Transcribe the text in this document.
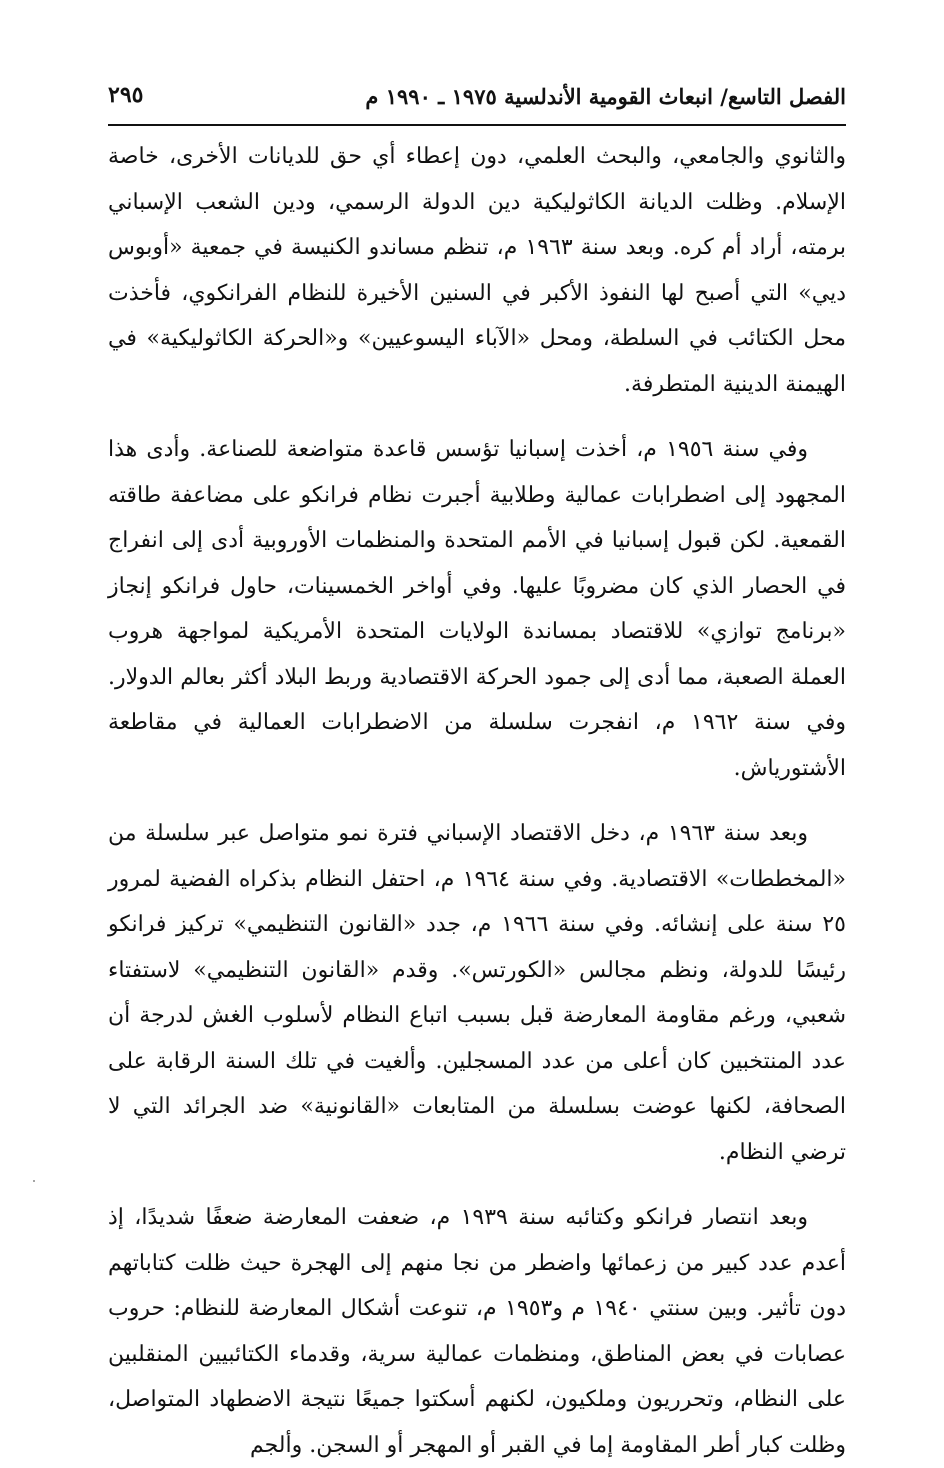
الفصل التاسع/ انبعاث القومية الأندلسية ١٩٧٥ ـ ١٩٩٠ م
٢٩٥

والثانوي والجامعي، والبحث العلمي، دون إعطاء أي حق للديانات الأخرى، خاصة الإسلام. وظلت الديانة الكاثوليكية دين الدولة الرسمي، ودين الشعب الإسباني برمته، أراد أم كره. وبعد سنة ١٩٦٣ م، تنظم مساندو الكنيسة في جمعية «أوبوس ديي» التي أصبح لها النفوذ الأكبر في السنين الأخيرة للنظام الفرانكوي، فأخذت محل الكتائب في السلطة، ومحل «الآباء اليسوعيين» و«الحركة الكاثوليكية» في الهيمنة الدينية المتطرفة.

وفي سنة ١٩٥٦ م، أخذت إسبانيا تؤسس قاعدة متواضعة للصناعة. وأدى هذا المجهود إلى اضطرابات عمالية وطلابية أجبرت نظام فرانكو على مضاعفة طاقته القمعية. لكن قبول إسبانيا في الأمم المتحدة والمنظمات الأوروبية أدى إلى انفراج في الحصار الذي كان مضروبًا عليها. وفي أواخر الخمسينات، حاول فرانكو إنجاز «برنامج توازي» للاقتصاد بمساندة الولايات المتحدة الأمريكية لمواجهة هروب العملة الصعبة، مما أدى إلى جمود الحركة الاقتصادية وربط البلاد أكثر بعالم الدولار. وفي سنة ١٩٦٢ م، انفجرت سلسلة من الاضطرابات العمالية في مقاطعة الأشتورياش.

وبعد سنة ١٩٦٣ م، دخل الاقتصاد الإسباني فترة نمو متواصل عبر سلسلة من «المخططات» الاقتصادية. وفي سنة ١٩٦٤ م، احتفل النظام بذكراه الفضية لمرور ٢٥ سنة على إنشائه. وفي سنة ١٩٦٦ م، جدد «القانون التنظيمي» تركيز فرانكو رئيسًا للدولة، ونظم مجالس «الكورتس». وقدم «القانون التنظيمي» لاستفتاء شعبي، ورغم مقاومة المعارضة قبل بسبب اتباع النظام لأسلوب الغش لدرجة أن عدد المنتخبين كان أعلى من عدد المسجلين. وألغيت في تلك السنة الرقابة على الصحافة، لكنها عوضت بسلسلة من المتابعات «القانونية» ضد الجرائد التي لا ترضي النظام.

وبعد انتصار فرانكو وكتائبه سنة ١٩٣٩ م، ضعفت المعارضة ضعفًا شديدًا، إذ أعدم عدد كبير من زعمائها واضطر من نجا منهم إلى الهجرة حيث ظلت كتاباتهم دون تأثير. وبين سنتي ١٩٤٠ م و١٩٥٣ م، تنوعت أشكال المعارضة للنظام: حروب عصابات في بعض المناطق، ومنظمات عمالية سرية، وقدماء الكتائبيين المنقلبين على النظام، وتحرريون وملكيون، لكنهم أسكتوا جميعًا نتيجة الاضطهاد المتواصل، وظلت كبار أطر المقاومة إما في القبر أو المهجر أو السجن. وألجم
